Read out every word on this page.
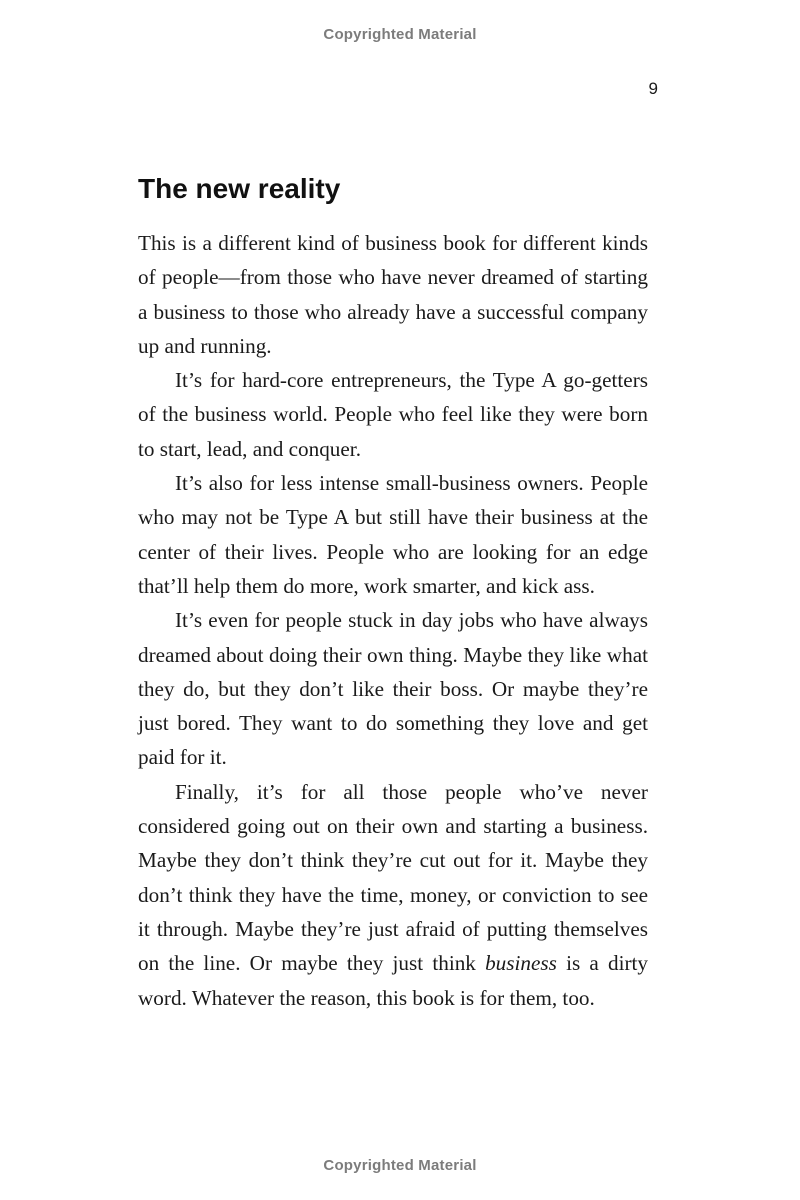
Copyrighted Material
9
The new reality

This is a different kind of business book for different kinds of people—from those who have never dreamed of starting a business to those who already have a successful company up and running.

It’s for hard-core entrepreneurs, the Type A go-getters of the business world. People who feel like they were born to start, lead, and conquer.

It’s also for less intense small-business owners. People who may not be Type A but still have their business at the center of their lives. People who are looking for an edge that’ll help them do more, work smarter, and kick ass.

It’s even for people stuck in day jobs who have always dreamed about doing their own thing. Maybe they like what they do, but they don’t like their boss. Or maybe they’re just bored. They want to do something they love and get paid for it.

Finally, it’s for all those people who’ve never considered going out on their own and starting a business. Maybe they don’t think they’re cut out for it. Maybe they don’t think they have the time, money, or conviction to see it through. Maybe they’re just afraid of putting themselves on the line. Or maybe they just think business is a dirty word. Whatever the reason, this book is for them, too.

Copyrighted Material
